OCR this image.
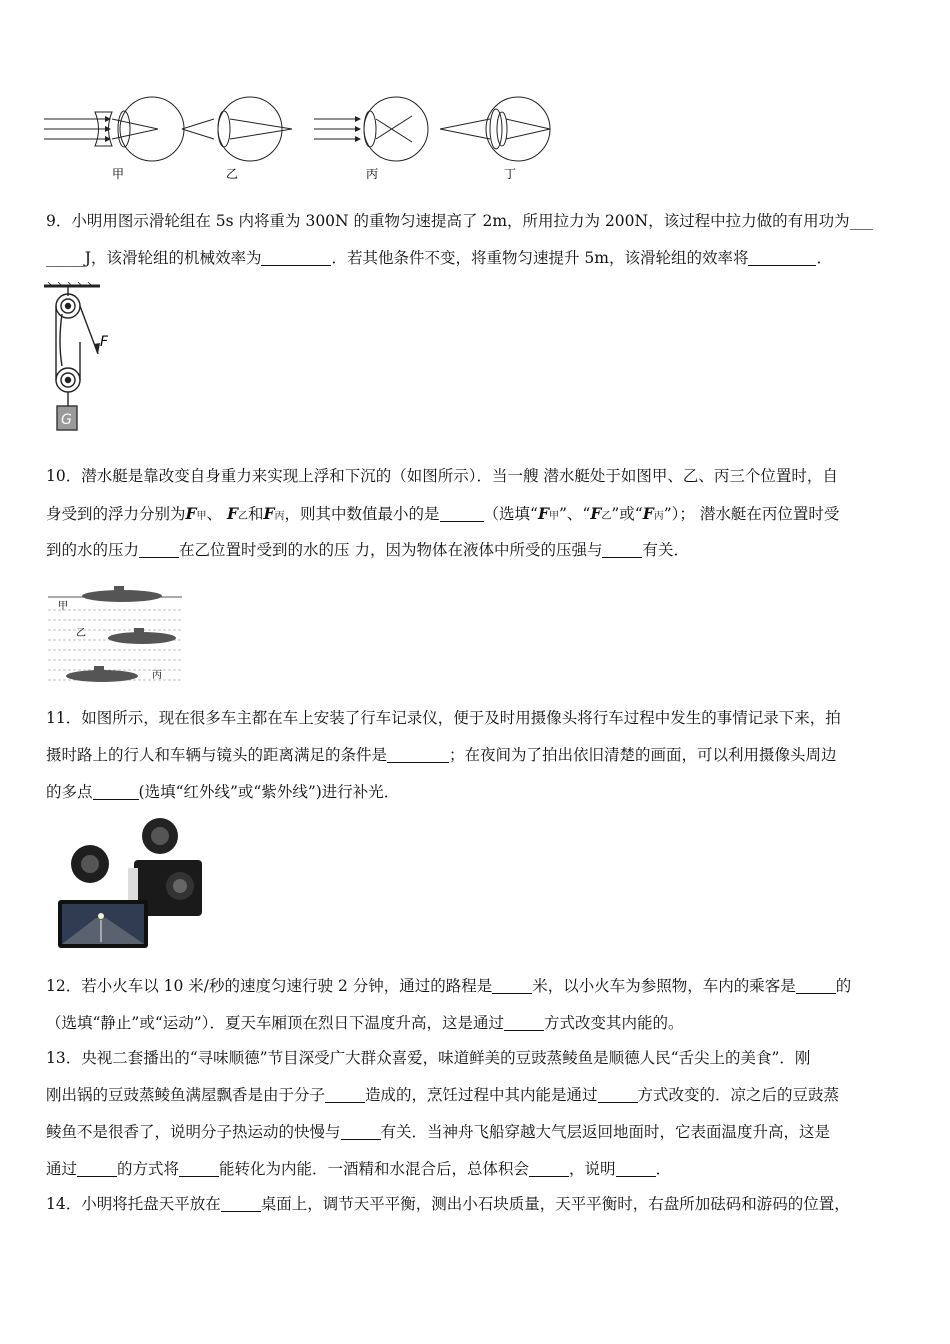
甲	乙	丙	丁
9．小明用图示滑轮组在 5s 内将重为 300N 的重物匀速提高了 2m，所用拉力为 200N，该过程中拉力做的有用功为___
_____J，该滑轮组的机械效率为	．若其他条件不变，将重物匀速提升 5m，该滑轮组的效率将	．
F
G
10．潜水艇是靠改变自身重力来实现上浮和下沉的（如图所示）．当一艘 潜水艇处于如图甲、乙、丙三个位置时，自
身受到的浮力分别为F甲、 F乙和F丙，则其中数值最小的是	（选填“F甲”、“F乙”或“F丙”）； 潜水艇在丙位置时受
到的水的压力	在乙位置时受到的水的压 力，因为物体在液体中所受的压强与	有关．
甲
乙
丙
11．如图所示，现在很多车主都在车上安装了行车记录仪，便于及时用摄像头将行车过程中发生的事情记录下来，拍
摄时路上的行人和车辆与镜头的距离满足的条件是	；在夜间为了拍出依旧清楚的画面，可以利用摄像头周边
的多点	(选填“红外线”或“紫外线”)进行补光．
12．若小火车以 10 米/秒的速度匀速行驶 2 分钟，通过的路程是	米，以小火车为参照物，车内的乘客是	的
（选填“静止”或“运动”）．夏天车厢顶在烈日下温度升高，这是通过	方式改变其内能的。
13．央视二套播出的“寻味顺德”节目深受广大群众喜爱，味道鲜美的豆豉蒸鲮鱼是顺德人民“舌尖上的美食”．刚
刚出锅的豆豉蒸鲮鱼满屋飘香是由于分子	造成的，烹饪过程中其内能是通过	方式改变的．凉之后的豆豉蒸
鲮鱼不是很香了，说明分子热运动的快慢与	有关．当神舟飞船穿越大气层返回地面时，它表面温度升高，这是
通过	的方式将	能转化为内能．一酒精和水混合后，总体积会	，说明	．
14．小明将托盘天平放在	桌面上，调节天平平衡，测出小石块质量，天平平衡时，右盘所加砝码和游码的位置，
